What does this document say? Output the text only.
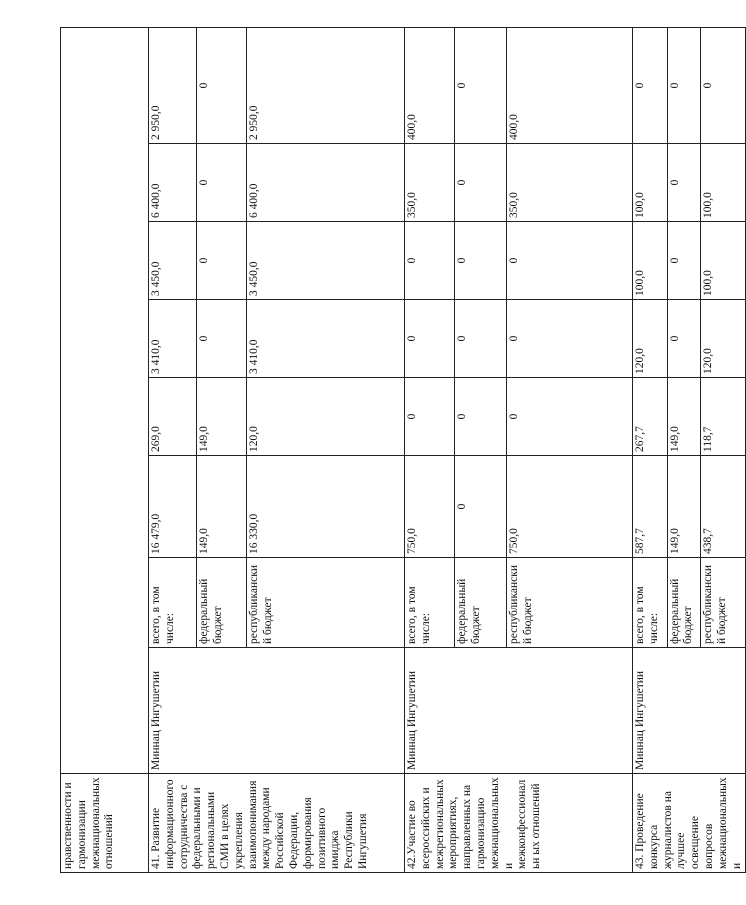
нравственности и гармонизации межнациональных отношений								
41. Развитие информационного сотрудничества с федеральными и региональными СМИ в целях укрепления взаимопонимания между народами Российской Федерации, формирования позитивного имиджа Республики Ингушетия	Миннац Ингушетии	всего, в том числе:	16 479,0	269,0	3 410,0	3 450,0	6 400,0	2 950,0
		федеральный бюджет	149,0	149,0	0	0	0	0
		республикански й бюджет	16 330,0	120,0	3 410,0	3 450,0	6 400,0	2 950,0
42.Участие во всероссийских и межрегиональных мероприятиях, направленных на гармонизацию межнациональных и межконфессиональн ых отношений	Миннац Ингушетии	всего, в том числе:	750,0	0	0	0	350,0	400,0
		федеральный бюджет	0	0	0	0	0	0
		республикански й бюджет	750,0	0	0	0	350,0	400,0
43. Проведение конкурса журналистов на лучшее освещение вопросов межнациональных и	Миннац Ингушетии	всего, в том числе:	587,7	267,7	120,0	100,0	100,0	0
		федеральный бюджет	149,0	149,0	0	0	0	0
		республикански й бюджет	438,7	118,7	120,0	100,0	100,0	0
